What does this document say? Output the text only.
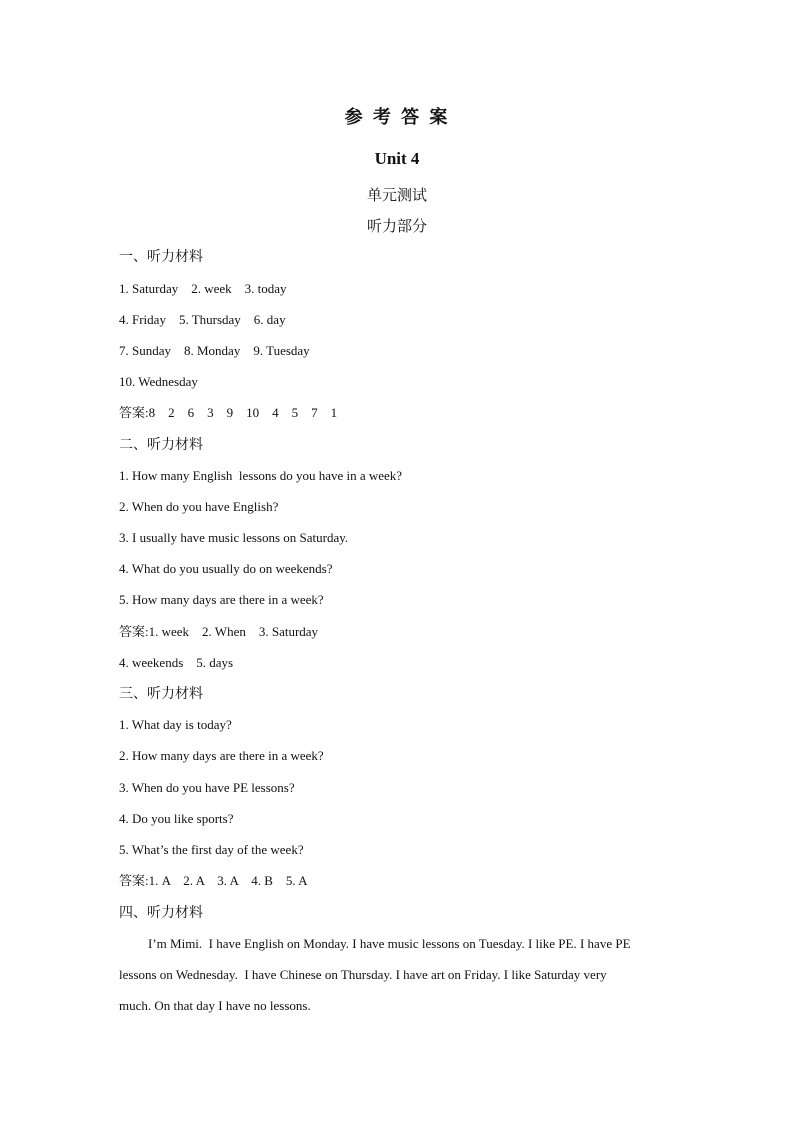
参 考 答 案
Unit 4
单元测试
听力部分
一、听力材料
1. Saturday    2. week    3. today
4. Friday    5. Thursday    6. day
7. Sunday    8. Monday    9. Tuesday
10. Wednesday
答案:8    2    6    3    9    10    4    5    7    1
二、听力材料
1. How many English  lessons do you have in a week?
2. When do you have English?
3. I usually have music lessons on Saturday.
4. What do you usually do on weekends?
5. How many days are there in a week?
答案:1. week    2. When    3. Saturday
4. weekends    5. days
三、听力材料
1. What day is today?
2. How many days are there in a week?
3. When do you have PE lessons?
4. Do you like sports?
5. What’s the first day of the week?
答案:1. A    2. A    3. A    4. B    5. A
四、听力材料
I’m Mimi.  I have English on Monday. I have music lessons on Tuesday. I like PE. I have PE
lessons on Wednesday.  I have Chinese on Thursday. I have art on Friday. I like Saturday very
much. On that day I have no lessons.
